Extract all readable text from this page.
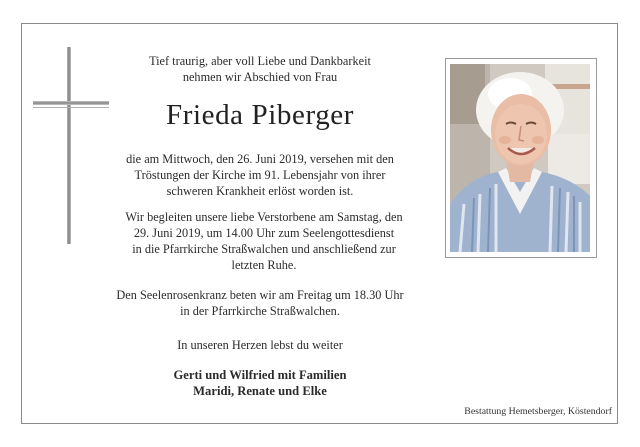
Tief traurig, aber voll Liebe und Dankbarkeit
nehmen wir Abschied von Frau
Frieda Piberger
die am Mittwoch, den 26. Juni 2019, versehen mit den
Tröstungen der Kirche im 91. Lebensjahr von ihrer
schweren Krankheit erlöst worden ist.
Wir begleiten unsere liebe Verstorbene am Samstag, den
29. Juni 2019, um 14.00 Uhr zum Seelengottesdienst
in die Pfarrkirche Straßwalchen und anschließend zur
letzten Ruhe.
Den Seelenrosenkranz beten wir am Freitag um 18.30 Uhr
in der Pfarrkirche Straßwalchen.
In unseren Herzen lebst du weiter
Gerti und Wilfried mit Familien
Maridi, Renate und Elke
Bestattung Hemetsberger, Köstendorf
